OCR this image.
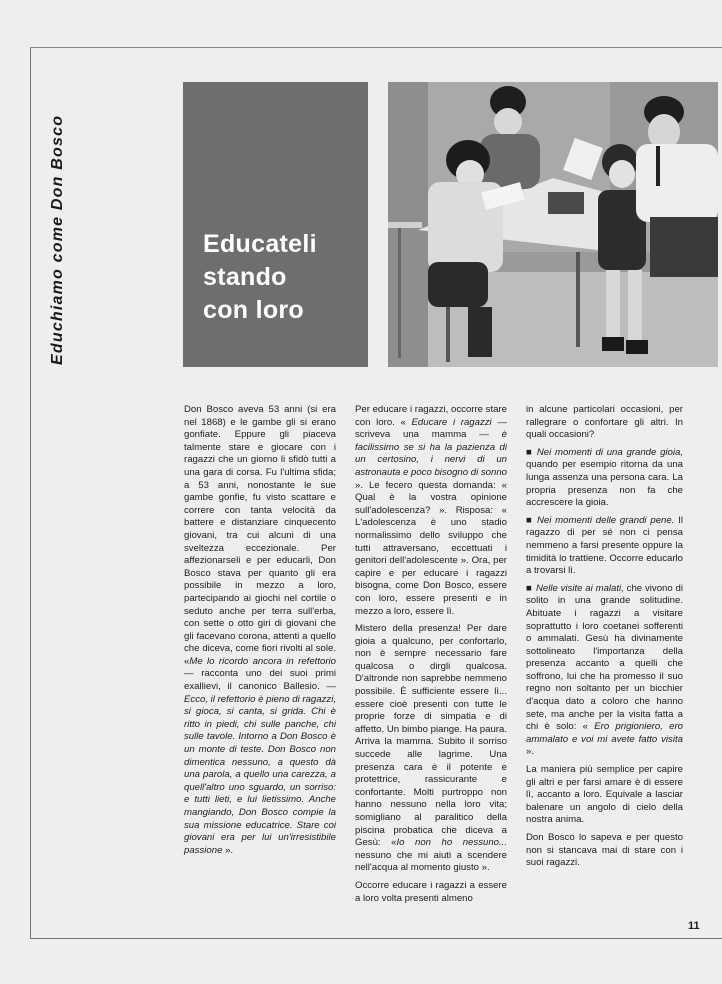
Educhiamo come Don Bosco	Educateli
stando
con loro

Don Bosco aveva 53 anni (si era nel 1868) e le gambe gli si erano gonfiate. Eppure gli piaceva talmente stare e giocare con i ragazzi che un giorno li sfidò tutti a una gara di corsa. Fu l'ultima sfida; a 53 anni, nonostante le sue gambe gonfie, fu visto scattare e correre con tanta velocità da battere e distanziare cinquecento giovani, tra cui alcuni di una sveltezza eccezionale. Per affezionarseli e per educarli, Don Bosco stava per quanto gli era possibile in mezzo a loro, partecipando ai giochi nel cortile o seduto anche per terra sull'erba, con sette o otto giri di giovani che gli facevano corona, attenti a quello che diceva, come fiori rivolti al sole. «Me lo ricordo ancora in refettorio — racconta uno dei suoi primi exallievi, il canonico Ballesio. — Ecco, il refettorio è pieno di ragazzi, si gioca, si canta, si grida. Chi è ritto in piedi, chi sulle panche, chi sulle tavole. Intorno a Don Bosco è un monte di teste. Don Bosco non dimentica nessuno, a questo dà una parola, a quello una carezza, a quell'altro uno sguardo, un sorriso: e tutti lieti, e lui lietissimo. Anche mangiando, Don Bosco compie la sua missione educatrice. Stare coi giovani era per lui un'irresistibile passione ».

Per educare i ragazzi, occorre stare con loro. « Educare i ragazzi — scriveva una mamma — è facilissimo se si ha la pazienza di un certosino, i nervi di un astronauta e poco bisogno di sonno ». Le fecero questa domanda: « Qual è la vostra opinione sull'adolescenza? ». Risposa: « L'adolescenza è uno stadio normalissimo dello sviluppo che tutti attraversano, eccettuati i genitori dell'adolescente ». Ora, per capire e per educare i ragazzi bisogna, come Don Bosco, essere con loro, essere presenti e in mezzo a loro, essere lì.

Mistero della presenza! Per dare gioia a qualcuno, per confortarlo, non è sempre necessario fare qualcosa o dirgli qualcosa. D'altronde non saprebbe nemmeno possibile. È sufficiente essere lì... essere cioè presenti con tutte le proprie forze di simpatia e di affetto. Un bimbo piange. Ha paura. Arriva la mamma. Subito il sorriso succede alle lagrime. Una presenza cara è il potente e protettrice, rassicurante e confortante. Molti purtroppo non hanno nessuno nella loro vita; somigliano al paralitico della piscina probatica che diceva a Gesù: «Io non ho nessuno... nessuno che mi aiuti a scendere nell'acqua al momento giusto ».

Occorre educare i ragazzi a essere a loro volta presenti almeno

in alcune particolari occasioni, per rallegrare o confortare gli altri. In quali occasioni?

■ Nei momenti di una grande gioia, quando per esempio ritorna da una lunga assenza una persona cara. La propria presenza non fa che accrescere la gioia.

■ Nei momenti delle grandi pene. Il ragazzo di per sé non ci pensa nemmeno a farsi presente oppure la timidità lo trattiene. Occorre educarlo a trovarsi lì.

■ Nelle visite ai malati, che vivono di solito in una grande solitudine. Abituate i ragazzi a visitare soprattutto i loro coetanei sofferenti o ammalati. Gesù ha divinamente sottolineato l'importanza della presenza accanto a quelli che soffrono, lui che ha promesso il suo regno non soltanto per un bicchier d'acqua dato a coloro che hanno sete, ma anche per la visita fatta a chi è solo: « Ero prigioniero, ero ammalato e voi mi avete fatto visita ».

La maniera più semplice per capire gli altri e per farsi amare è di essere lì, accanto a loro. Equivale a lasciar balenare un angolo di cielo della nostra anima.

Don Bosco lo sapeva e per questo non si stancava mai di stare con i suoi ragazzi.

11
